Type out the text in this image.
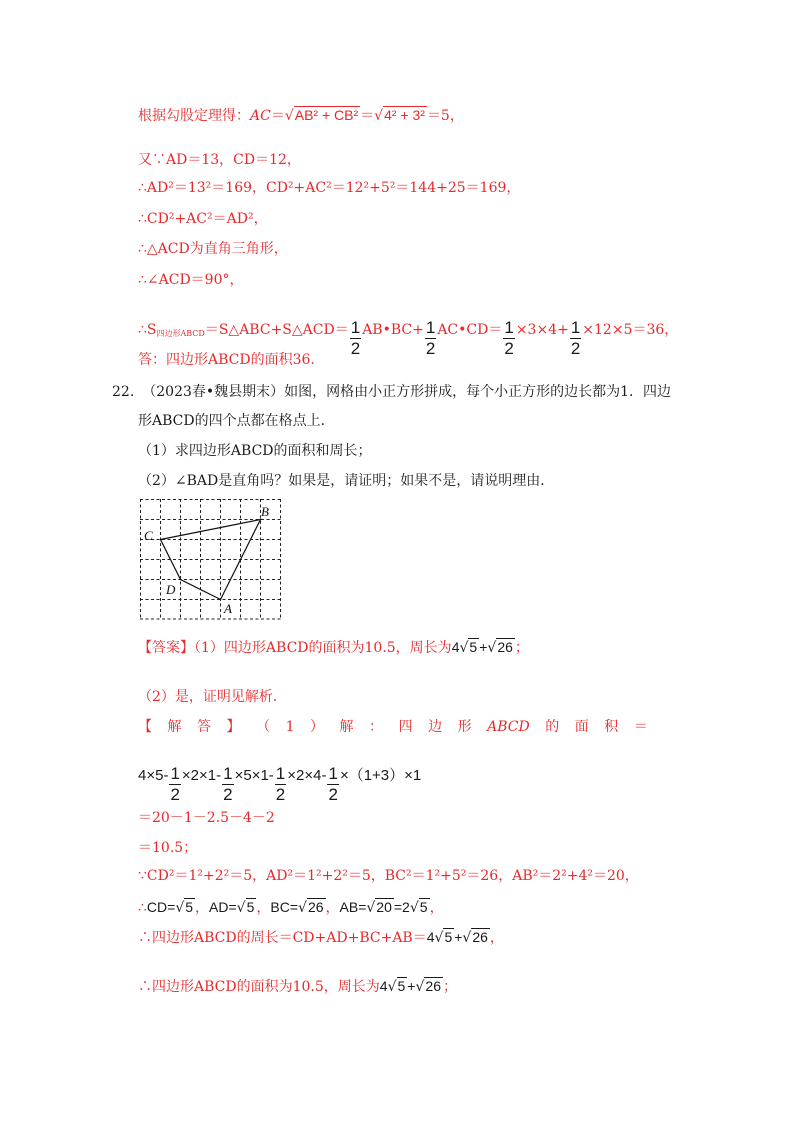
根据勾股定理得：AC＝√AB² + CB² ＝√4² + 3² ＝5，
又∵AD＝13，CD＝12，
∴AD²＝13²＝169，CD²+AC²＝12²+5²＝144+25＝169，
∴CD²+AC²＝AD²，
∴△ACD为直角三角形，
∴∠ACD＝90°，
$\therefore S_{四边形ABCD}=S\triangle ABC+S\triangle ACD= \frac{1}{2}$ AB•BC+ $\frac{1}{2}$ AC•CD＝ $\frac{1}{2} \times 3\times 4+ \frac{1}{2} \times 12\times 5=36$，
答：四边形ABCD的面积36.
22. （2023春•魏县期末）如图，网格由小正方形拼成，每个小正方形的边长都为1．四边
形ABCD的四个点都在格点上．
（1）求四边形ABCD的面积和周长；
（2）∠BAD是直角吗？如果是，请证明；如果不是，请说明理由．
B
C
D
A
【答案】（1）四边形ABCD的面积为10.5，周长为4√5 +√26 ；
（2）是，证明见解析．
【 解 答 】 （ 1 ） 解 ： 四 边 形 ABCD 的 面 积 ＝
$4\times 5- \frac{1}{2} \times 2\times 1- \frac{1}{2} \times 5\times 1- \frac{1}{2} \times 2\times 4- \frac{1}{2} \times(1+3)\times 1$
＝20－1－2.5－4－2
＝10.5；
∵CD²＝1²+2²＝5，AD²＝1²+2²＝5，BC²＝1²+5²＝26，AB²＝2²+4²＝20，
∴CD=√5 ，AD=√5 ，BC=√26 ，AB=√20 =2√5 ，
∴四边形ABCD的周长＝CD+AD+BC+AB＝4√5 +√26 ，
∴四边形ABCD的面积为10.5，周长为4√5 +√26 ；
